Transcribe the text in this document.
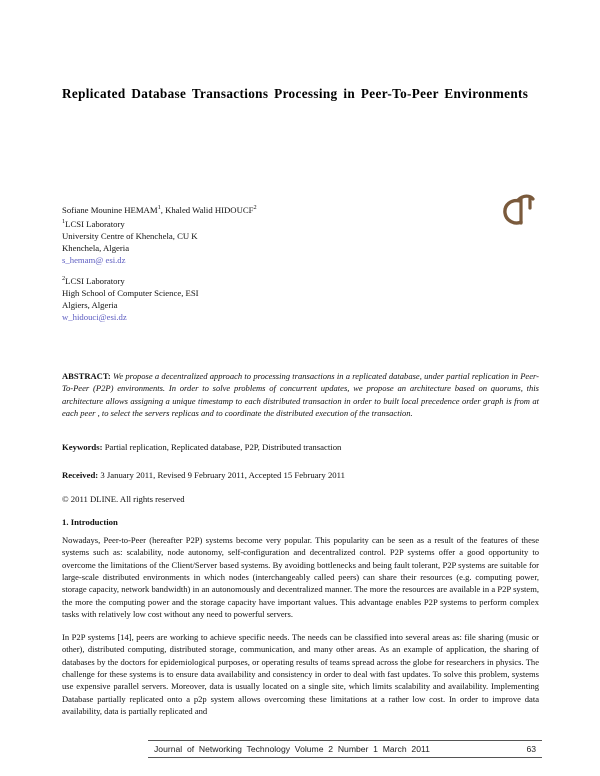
Replicated Database Transactions Processing in Peer-To-Peer Environments
Sofiane Mounine HEMAM$^1$, Khaled Walid HIDOUCF$^2$
$^1$LCSI Laboratory
University Centre of Khenchela, CU K
Khenchela, Algeria
s_hemam@ esi.dz
$^2$LCSI Laboratory
High School of Computer Science, ESI
Algiers, Algeria
w_hidouci@esi.dz
ABSTRACT: We propose a decentralized approach to processing transactions in a replicated database, under partial replication in Peer-To-Peer (P2P) environments. In order to solve problems of concurrent updates, we propose an architecture based on quorums, this architecture allows assigning a unique timestamp to each distributed transaction in order to built local precedence order graph is from at each peer , to select the servers replicas and to coordinate the distributed execution of the transaction.
Keywords: Partial replication, Replicated database, P2P, Distributed transaction
Received: 3 January 2011, Revised 9 February 2011, Accepted 15 February 2011
© 2011 DLINE. All rights reserved
1. Introduction
Nowadays, Peer-to-Peer (hereafter P2P) systems become very popular. This popularity can be seen as a result of the features of these systems such as: scalability, node autonomy, self-configuration and decentralized control. P2P systems offer a good opportunity to overcome the limitations of the Client/Server based systems. By avoiding bottlenecks and being fault tolerant, P2P systems are suitable for large-scale distributed environments in which nodes (interchangeably called peers) can share their resources (e.g. computing power, storage capacity, network bandwidth) in an autonomously and decentralized manner. The more the resources are available in a P2P system, the more the computing power and the storage capacity have important values. This advantage enables P2P systems to perform complex tasks with relatively low cost without any need to powerful servers.
In P2P systems [14], peers are working to achieve specific needs. The needs can be classified into several areas as: file sharing (music or other), distributed computing, distributed storage, communication, and many other areas. As an example of application, the sharing of databases by the doctors for epidemiological purposes, or operating results of teams spread across the globe for researchers in physics. The challenge for these systems is to ensure data availability and consistency in order to deal with fast updates. To solve this problem, systems use expensive parallel servers. Moreover, data is usually located on a single site, which limits scalability and availability. Implementing Database partially replicated onto a p2p system allows overcoming these limitations at a rather low cost. In order to improve data availability, data is partially replicated and
Journal of Networking Technology Volume 2 Number 1 March 2011	63
